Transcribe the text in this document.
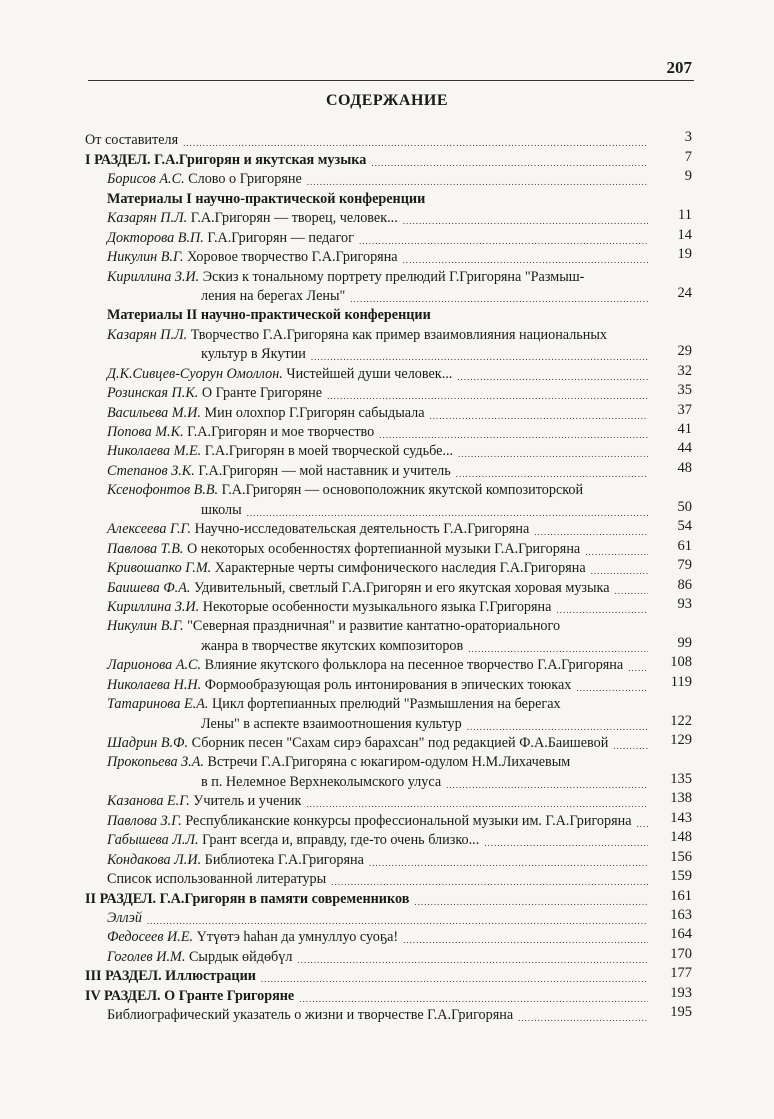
207
СОДЕРЖАНИЕ
От составителя .....	3
I РАЗДЕЛ. Г.А.Григорян и якутская музыка .....	7
Борисов А.С. Слово о Григоряне .....	9
Материалы I научно-практической конференции
Казарян П.Л. Г.А.Григорян — творец, человек... .....	11
Докторова В.П. Г.А.Григорян — педагог .....	14
Никулин В.Г. Хоровое творчество Г.А.Григоряна .....	19
Кириллина З.И. Эскиз к тональному портрету прелюдий Г.Григоряна "Размыш-
ления на берегах Лены" .....	24
Материалы II научно-практической конференции
Казарян П.Л. Творчество Г.А.Григоряна как пример взаимовлияния национальных
культур в Якутии .....	29
Д.К.Сивцев-Суорун Омоллон. Чистейшей души человек... .....	32
Розинская П.К. О Гранте Григоряне .....	35
Васильева М.И. Мин олохпор Г.Григорян сабыдыала .....	37
Попова М.К. Г.А.Григорян и мое творчество .....	41
Николаева М.Е. Г.А.Григорян в моей творческой судьбе... .....	44
Степанов З.К. Г.А.Григорян — мой наставник и учитель .....	48
Ксенофонтов В.В. Г.А.Григорян — основоположник якутской композиторской
школы .....	50
Алексеева Г.Г. Научно-исследовательская деятельность Г.А.Григоряна .....	54
Павлова Т.В. О некоторых особенностях фортепианной музыки Г.А.Григоряна .....	61
Кривошапко Г.М. Характерные черты симфонического наследия Г.А.Григоряна .....	79
Баишева Ф.А. Удивительный, светлый Г.А.Григорян и его якутская хоровая музыка .....	86
Кириллина З.И. Некоторые особенности музыкального языка Г.Григоряна .....	93
Никулин В.Г. "Северная праздничная" и развитие кантатно-ораториального
жанра в творчестве якутских композиторов .....	99
Ларионова А.С. Влияние якутского фольклора на песенное творчество Г.А.Григоряна .....	108
Николаева Н.Н. Формообразующая роль интонирования в эпических тоюках .....	119
Татаринова Е.А. Цикл фортепианных прелюдий "Размышления на берегах
Лены" в аспекте взаимоотношения культур .....	122
Шадрин В.Ф. Сборник песен "Сахам сирэ барахсан" под редакцией Ф.А.Баишевой .....	129
Прокопьева З.А. Встречи Г.А.Григоряна с юкагиром-одулом Н.М.Лихачевым
в п. Нелемное Верхнеколымского улуса .....	135
Казанова Е.Г. Учитель и ученик .....	138
Павлова З.Г. Республиканские конкурсы профессиональной музыки им. Г.А.Григоряна .....	143
Габышева Л.Л. Грант всегда и, вправду, где-то очень близко... .....	148
Кондакова Л.И. Библиотека Г.А.Григоряна .....	156
Список использованной литературы .....	159
II РАЗДЕЛ. Г.А.Григорян в памяти современников .....	161
Эллэй .....	163
Федосеев И.Е. Үтүөтэ һаһан да умнуллуо суоҕа! .....	164
Гоголев И.М. Сырдык өйдөбүл .....	170
III РАЗДЕЛ. Иллюстрации .....	177
IV РАЗДЕЛ. О Гранте Григоряне .....	193
Библиографический указатель о жизни и творчестве Г.А.Григоряна .....	195
